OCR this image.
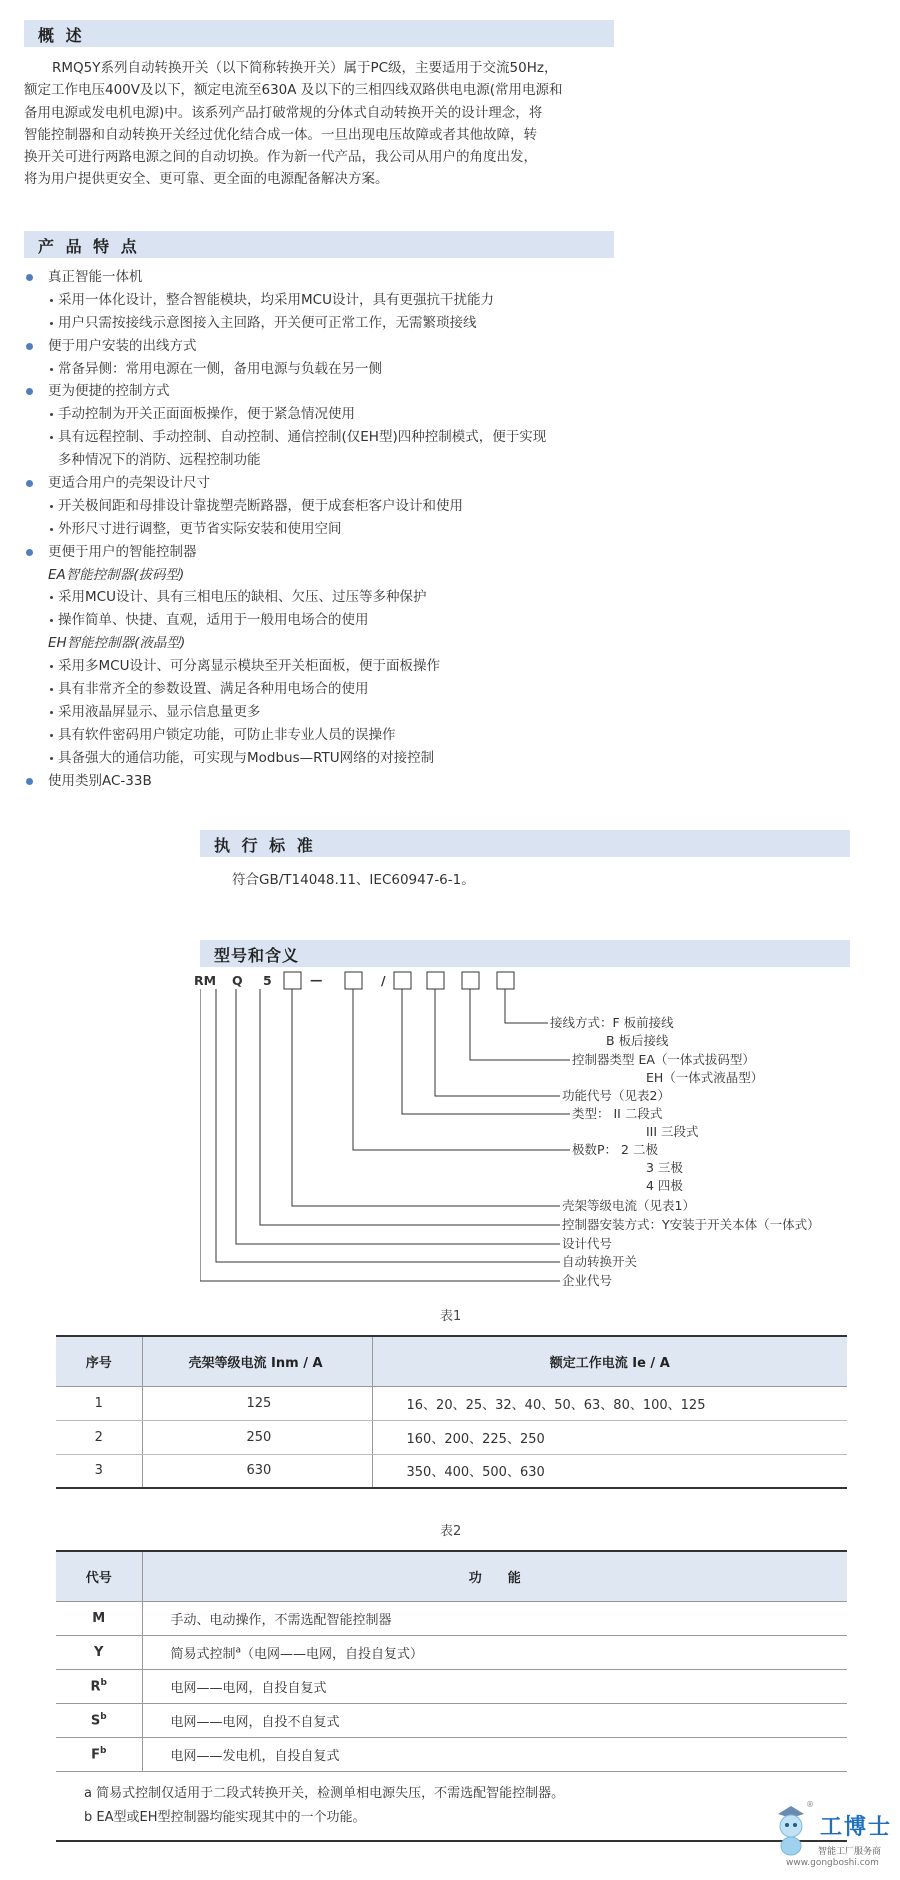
概 述
RMQ5Y系列自动转换开关（以下简称转换开关）属于PC级，主要适用于交流50Hz，
额定工作电压400V及以下，额定电流至630A 及以下的三相四线双路供电电源(常用电源和
备用电源或发电机电源)中。该系列产品打破常规的分体式自动转换开关的设计理念，将
智能控制器和自动转换开关经过优化结合成一体。一旦出现电压故障或者其他故障，转
换开关可进行两路电源之间的自动切换。作为新一代产品，我公司从用户的角度出发，
将为用户提供更安全、更可靠、更全面的电源配备解决方案。
产 品 特 点
真正智能一体机
采用一体化设计，整合智能模块，均采用MCU设计，具有更强抗干扰能力
用户只需按接线示意图接入主回路，开关便可正常工作，无需繁琐接线
便于用户安装的出线方式
常备异侧：常用电源在一侧，备用电源与负载在另一侧
更为便捷的控制方式
手动控制为开关正面面板操作，便于紧急情况使用
具有远程控制、手动控制、自动控制、通信控制(仅EH型)四种控制模式，便于实现
多种情况下的消防、远程控制功能
更适合用户的壳架设计尺寸
开关极间距和母排设计靠拢塑壳断路器，便于成套柜客户设计和使用
外形尺寸进行调整，更节省实际安装和使用空间
更便于用户的智能控制器
EA智能控制器(拔码型)
采用MCU设计、具有三相电压的缺相、欠压、过压等多种保护
操作简单、快捷、直观，适用于一般用电场合的使用
EH智能控制器(液晶型)
采用多MCU设计、可分离显示模块至开关柜面板，便于面板操作
具有非常齐全的参数设置、满足各种用电场合的使用
采用液晶屏显示、显示信息量更多
具有软件密码用户锁定功能，可防止非专业人员的误操作
具备强大的通信功能，可实现与Modbus—RTU网络的对接控制
使用类别AC-33B
执 行 标 准
符合GB/T14048.11、IEC60947-6-1。
型号和含义
RM Q 5	—	/
接线方式：F 板前接线
B 板后接线
控制器类型 EA（一体式拔码型）
EH（一体式液晶型）
功能代号（见表2）
类型： II 二段式
III 三段式
极数P： 2 二极
3 三极
4 四极
壳架等级电流（见表1）
控制器安装方式：Y安装于开关本体（一体式）
设计代号
自动转换开关
企业代号
表1
序号	壳架等级电流 Inm / A	额定工作电流 Ie / A
1	125	16、20、25、32、40、50、63、80、100、125
2	250	160、200、225、250
3	630	350、400、500、630
表2
代号	功　　能
M	手动、电动操作，不需选配智能控制器
Y	简易式控制$^a$（电网——电网，自投自复式）
$R^b$	电网——电网，自投自复式
$S^b$	电网——电网，自投不自复式
$F^b$	电网——发电机，自投自复式

a 简易式控制仅适用于二段式转换开关，检测单相电源失压，不需选配智能控制器。
b EA型或EH型控制器均能实现其中的一个功能。	
®
工博士
智能工厂服务商
www.gongboshi.com
